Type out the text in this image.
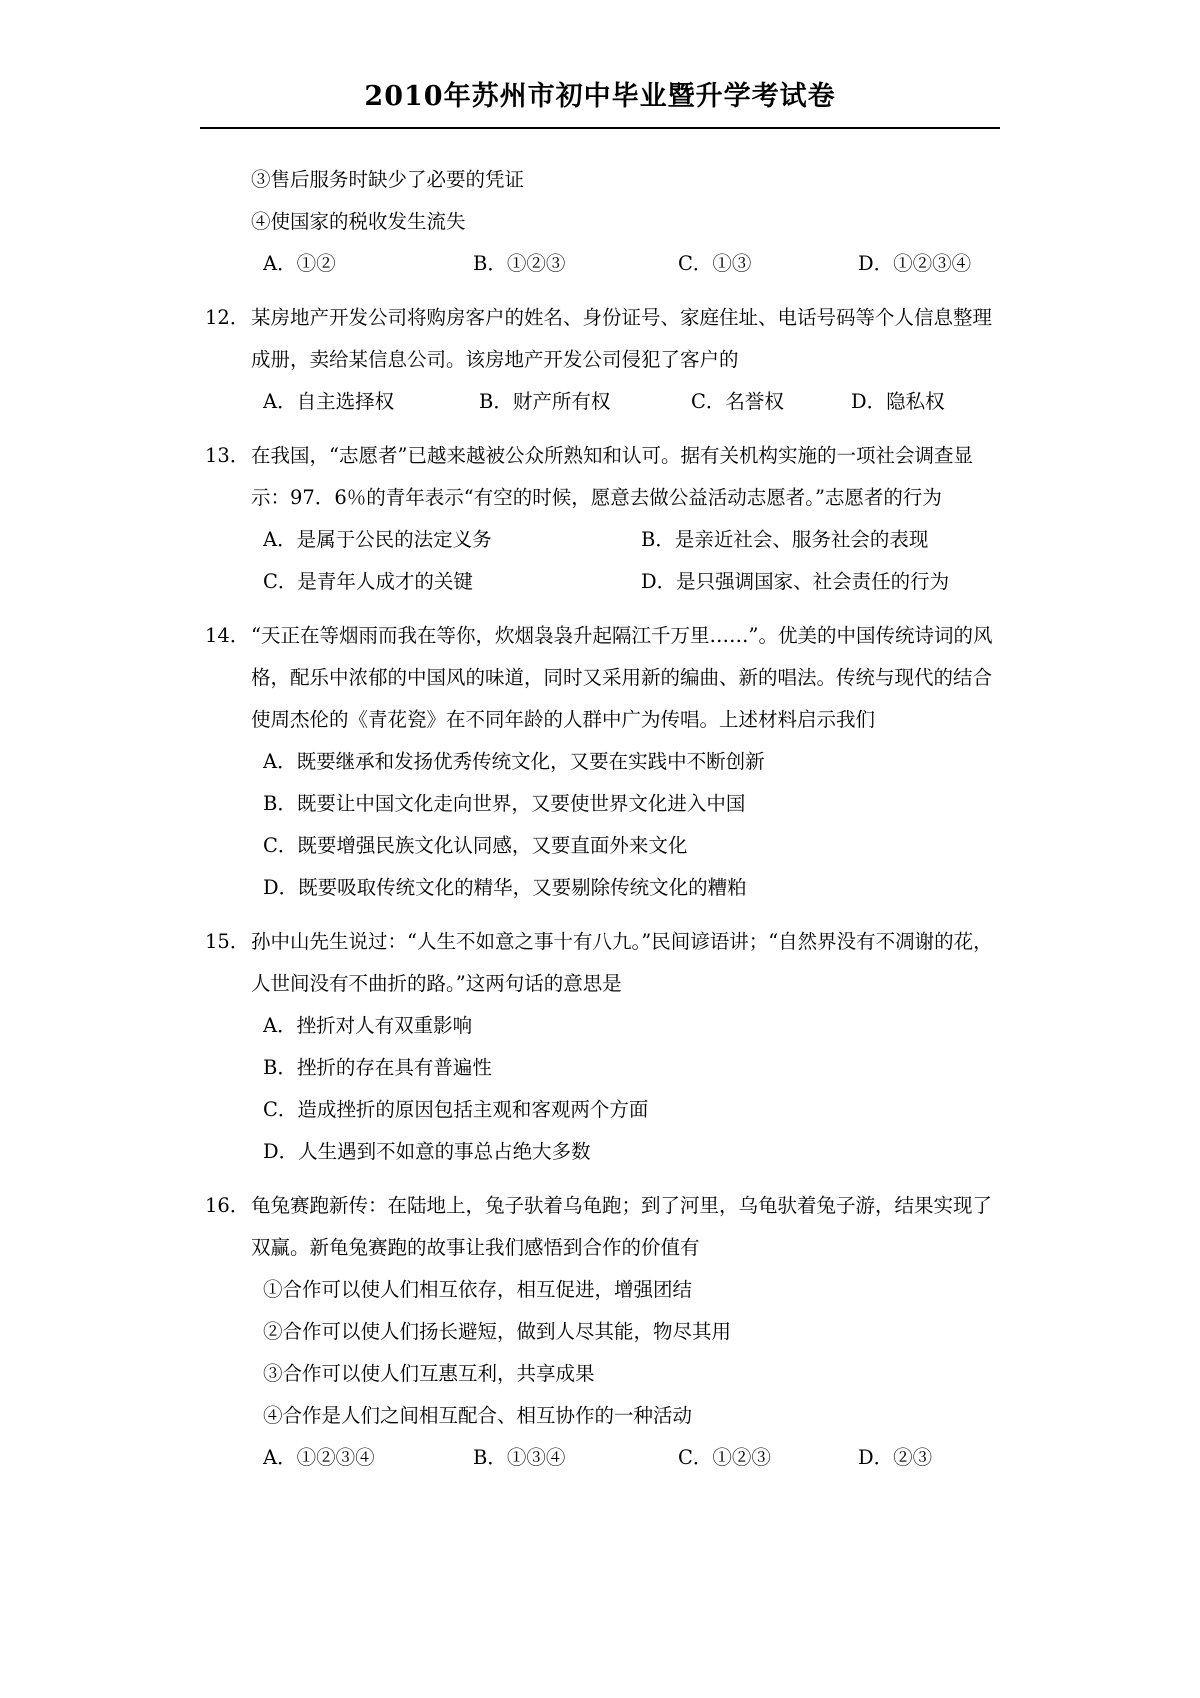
2010年苏州市初中毕业暨升学考试卷
③售后服务时缺少了必要的凭证
④使国家的税收发生流失
A．①②	B．①②③	C．①③	D．①②③④
12． 某房地产开发公司将购房客户的姓名、身份证号、家庭住址、电话号码等个人信息整理
成册，卖给某信息公司。该房地产开发公司侵犯了客户的
A．自主选择权	B．财产所有权	C．名誉权	D．隐私权
13． 在我国，“志愿者”已越来越被公众所熟知和认可。据有关机构实施的一项社会调查显
示：97．6％的青年表示“有空的时候，愿意去做公益活动志愿者。”志愿者的行为
A．是属于公民的法定义务	B．是亲近社会、服务社会的表现
C．是青年人成才的关键	D．是只强调国家、社会责任的行为
14． “天正在等烟雨而我在等你，炊烟袅袅升起隔江千万里……”。优美的中国传统诗词的风
格，配乐中浓郁的中国风的味道，同时又采用新的编曲、新的唱法。传统与现代的结合
使周杰伦的《青花瓷》在不同年龄的人群中广为传唱。上述材料启示我们
A．既要继承和发扬优秀传统文化，又要在实践中不断创新
B．既要让中国文化走向世界，又要使世界文化进入中国
C．既要增强民族文化认同感，又要直面外来文化
D．既要吸取传统文化的精华，又要剔除传统文化的糟粕
15． 孙中山先生说过：“人生不如意之事十有八九。”民间谚语讲；“自然界没有不凋谢的花，
人世间没有不曲折的路。”这两句话的意思是
A．挫折对人有双重影响
B．挫折的存在具有普遍性
C．造成挫折的原因包括主观和客观两个方面
D．人生遇到不如意的事总占绝大多数
16． 龟兔赛跑新传：在陆地上，兔子驮着乌龟跑；到了河里，乌龟驮着兔子游，结果实现了
双赢。新龟兔赛跑的故事让我们感悟到合作的价值有
①合作可以使人们相互依存，相互促进，增强团结
②合作可以使人们扬长避短，做到人尽其能，物尽其用
③合作可以使人们互惠互利，共享成果
④合作是人们之间相互配合、相互协作的一种活动
A．①②③④	B．①③④	C．①②③	D．②③
